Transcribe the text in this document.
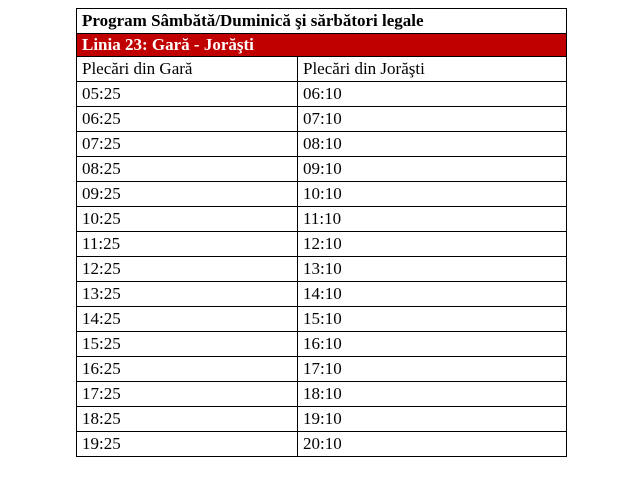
Program Sâmbătă/Duminică şi sărbători legale	
Linia 23: Gară - Jorăşti	
Plecări din Gară	Plecări din Jorăşti
05:25	06:10
06:25	07:10
07:25	08:10
08:25	09:10
09:25	10:10
10:25	11:10
11:25	12:10
12:25	13:10
13:25	14:10
14:25	15:10
15:25	16:10
16:25	17:10
17:25	18:10
18:25	19:10
19:25	20:10
